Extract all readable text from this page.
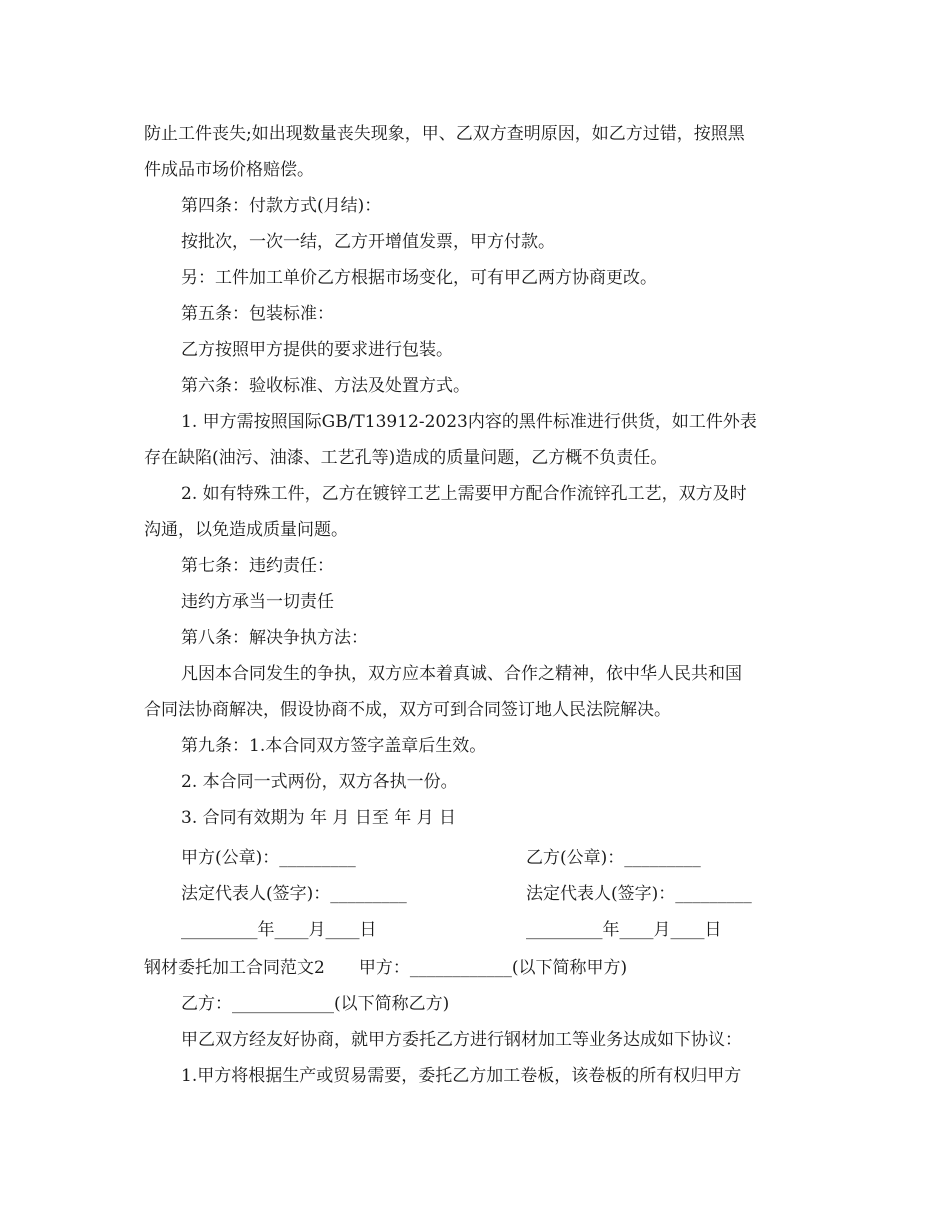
防止工件丧失;如出现数量丧失现象，甲、乙双方查明原因，如乙方过错，按照黑
件成品市场价格赔偿。
第四条：付款方式(月结)：
按批次，一次一结，乙方开增值发票，甲方付款。
另：工件加工单价乙方根据市场变化，可有甲乙两方协商更改。
第五条：包装标准：
乙方按照甲方提供的要求进行包装。
第六条：验收标准、方法及处置方式。
1. 甲方需按照国际GB/T13912-2023内容的黑件标准进行供货，如工件外表
存在缺陷(油污、油漆、工艺孔等)造成的质量问题，乙方概不负责任。
2. 如有特殊工件，乙方在镀锌工艺上需要甲方配合作流锌孔工艺，双方及时
沟通，以免造成质量问题。
第七条：违约责任：
违约方承当一切责任
第八条：解决争执方法：
凡因本合同发生的争执，双方应本着真诚、合作之精神，依中华人民共和国
合同法协商解决，假设协商不成，双方可到合同签订地人民法院解决。
第九条：1.本合同双方签字盖章后生效。
2. 本合同一式两份，双方各执一份。
3. 合同有效期为 年 月 日至 年 月 日
甲方(公章)：_________	乙方(公章)：_________
法定代表人(签字)：_________	法定代表人(签字)：_________
_________年____月____日	_________年____月____日
钢材委托加工合同范文2　　甲方：____________(以下简称甲方)
乙方：____________(以下简称乙方)
甲乙双方经友好协商，就甲方委托乙方进行钢材加工等业务达成如下协议：
1.甲方将根据生产或贸易需要，委托乙方加工卷板，该卷板的所有权归甲方
